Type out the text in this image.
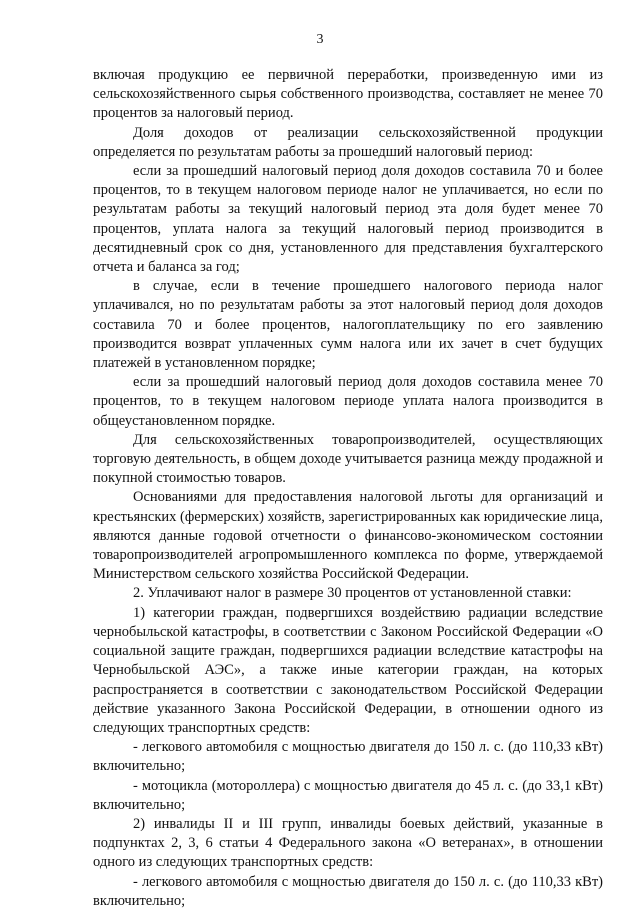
3

включая продукцию ее первичной переработки, произведенную ими из сельскохозяйственного сырья собственного производства, составляет не менее 70 процентов за налоговый период.

Доля доходов от реализации сельскохозяйственной продукции определяется по результатам работы за прошедший налоговый период:

если за прошедший налоговый период доля доходов составила 70 и более процентов, то в текущем налоговом периоде налог не уплачивается, но если по результатам работы за текущий налоговый период эта доля будет менее 70 процентов, уплата налога за текущий налоговый период производится в десятидневный срок со дня, установленного для представления бухгалтерского отчета и баланса за год;

в случае, если в течение прошедшего налогового периода налог уплачивался, но по результатам работы за этот налоговый период доля доходов составила 70 и более процентов, налогоплательщику по его заявлению производится возврат уплаченных сумм налога или их зачет в счет будущих платежей в установленном порядке;

если за прошедший налоговый период доля доходов составила менее 70 процентов, то в текущем налоговом периоде уплата налога производится в общеустановленном порядке.

Для сельскохозяйственных товаропроизводителей, осуществляющих торговую деятельность, в общем доходе учитывается разница между продажной и покупной стоимостью товаров.

Основаниями для предоставления налоговой льготы для организаций и крестьянских (фермерских) хозяйств, зарегистрированных как юридические лица, являются данные годовой отчетности о финансово-экономическом состоянии товаропроизводителей агропромышленного комплекса по форме, утверждаемой Министерством сельского хозяйства Российской Федерации.

2. Уплачивают налог в размере 30 процентов от установленной ставки:

1) категории граждан, подвергшихся воздействию радиации вследствие чернобыльской катастрофы, в соответствии с Законом Российской Федерации «О социальной защите граждан, подвергшихся радиации вследствие катастрофы на Чернобыльской АЭС», а также иные категории граждан, на которых распространяется в соответствии с законодательством Российской Федерации действие указанного Закона Российской Федерации, в отношении одного из следующих транспортных средств:

- легкового автомобиля с мощностью двигателя до 150 л. с. (до 110,33 кВт) включительно;

- мотоцикла (мотороллера) с мощностью двигателя до 45 л. с. (до 33,1 кВт) включительно;

2) инвалиды II и III групп, инвалиды боевых действий, указанные в подпунктах 2, 3, 6 статьи 4 Федерального закона «О ветеранах», в отношении одного из следующих транспортных средств:

- легкового автомобиля с мощностью двигателя до 150 л. с. (до 110,33 кВт) включительно;
